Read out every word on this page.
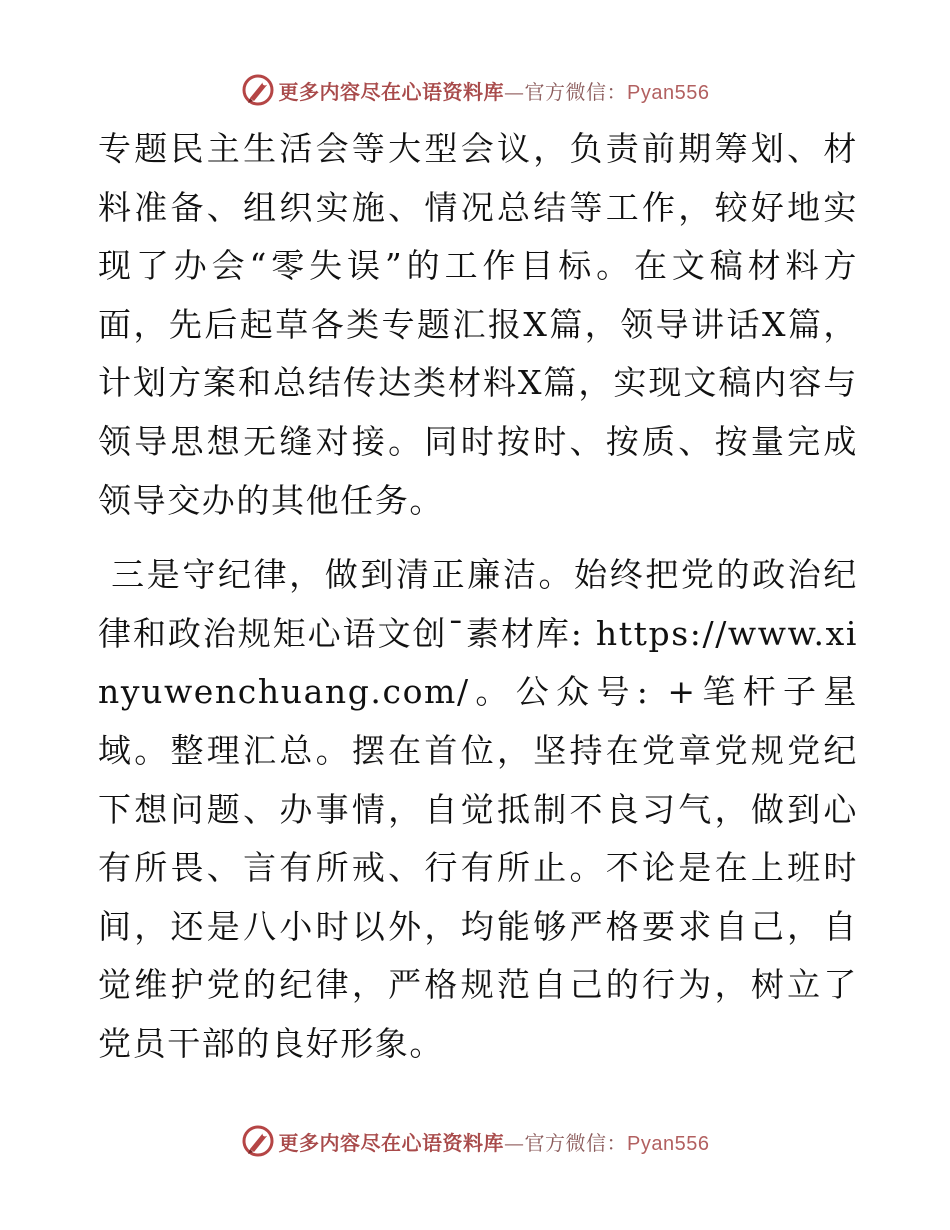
更多内容尽在心语资料库—官方微信：Pyan556

专题民主生活会等大型会议，负责前期筹划、材料准备、组织实施、情况总结等工作，较好地实现了办会“零失误”的工作目标。在文稿材料方面，先后起草各类专题汇报X篇，领导讲话X篇，计划方案和总结传达类材料X篇，实现文稿内容与领导思想无缝对接。同时按时、按质、按量完成领导交办的其他任务。

三是守纪律，做到清正廉洁。始终把党的政治纪律和政治规矩心语文创¯素材库: https://www.xinyuwenchuang.com/。公众号: +笔杆子星域。整理汇总。摆在首位，坚持在党章党规党纪下想问题、办事情，自觉抵制不良习气，做到心有所畏、言有所戒、行有所止。不论是在上班时间，还是八小时以外，均能够严格要求自己，自觉维护党的纪律，严格规范自己的行为，树立了党员干部的良好形象。

更多内容尽在心语资料库—官方微信：Pyan556
